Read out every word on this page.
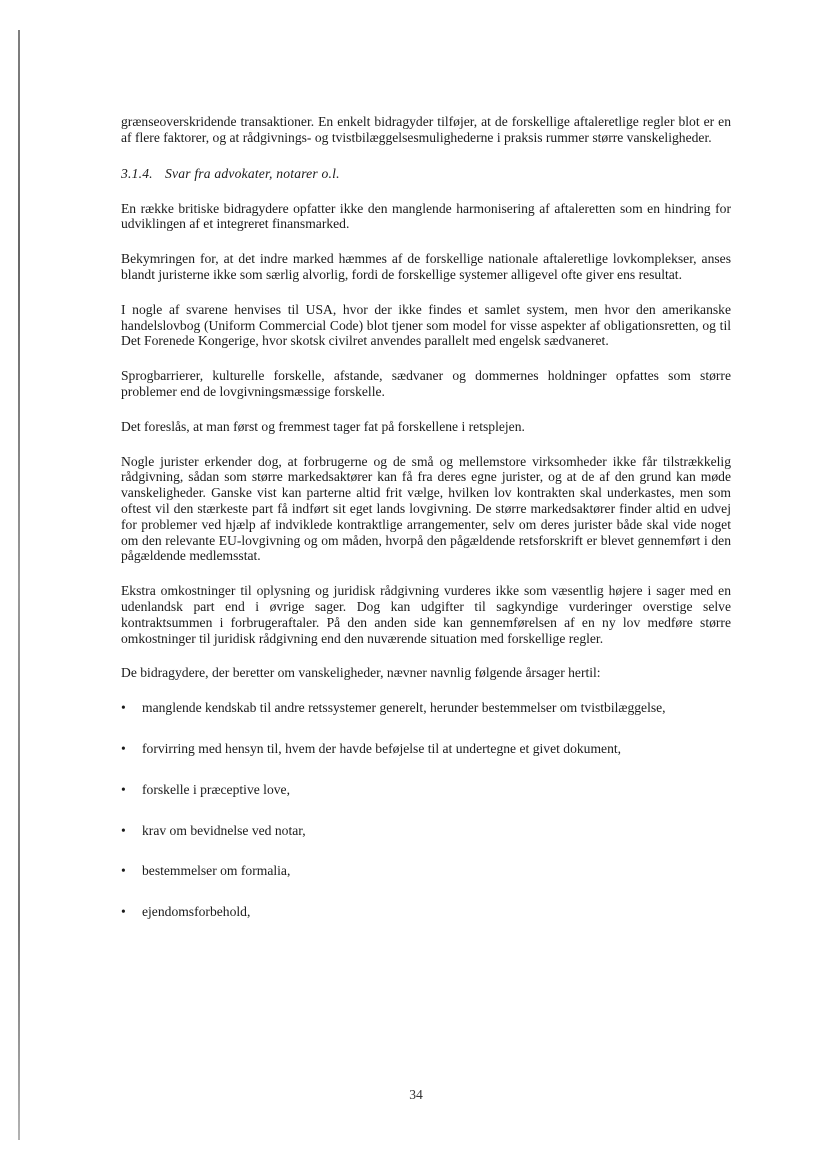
grænseoverskridende transaktioner. En enkelt bidragyder tilføjer, at de forskellige aftaleretlige regler blot er en af flere faktorer, og at rådgivnings- og tvistbilæggelsesmulighederne i praksis rummer større vanskeligheder.

3.1.4. Svar fra advokater, notarer o.l.

En række britiske bidragydere opfatter ikke den manglende harmonisering af aftaleretten som en hindring for udviklingen af et integreret finansmarked.

Bekymringen for, at det indre marked hæmmes af de forskellige nationale aftaleretlige lovkomplekser, anses blandt juristerne ikke som særlig alvorlig, fordi de forskellige systemer alligevel ofte giver ens resultat.

I nogle af svarene henvises til USA, hvor der ikke findes et samlet system, men hvor den amerikanske handelslovbog (Uniform Commercial Code) blot tjener som model for visse aspekter af obligationsretten, og til Det Forenede Kongerige, hvor skotsk civilret anvendes parallelt med engelsk sædvaneret.

Sprogbarrierer, kulturelle forskelle, afstande, sædvaner og dommernes holdninger opfattes som større problemer end de lovgivningsmæssige forskelle.

Det foreslås, at man først og fremmest tager fat på forskellene i retsplejen.

Nogle jurister erkender dog, at forbrugerne og de små og mellemstore virksomheder ikke får tilstrækkelig rådgivning, sådan som større markedsaktører kan få fra deres egne jurister, og at de af den grund kan møde vanskeligheder. Ganske vist kan parterne altid frit vælge, hvilken lov kontrakten skal underkastes, men som oftest vil den stærkeste part få indført sit eget lands lovgivning. De større markedsaktører finder altid en udvej for problemer ved hjælp af indviklede kontraktlige arrangementer, selv om deres jurister både skal vide noget om den relevante EU-lovgivning og om måden, hvorpå den pågældende retsforskrift er blevet gennemført i den pågældende medlemsstat.

Ekstra omkostninger til oplysning og juridisk rådgivning vurderes ikke som væsentlig højere i sager med en udenlandsk part end i øvrige sager. Dog kan udgifter til sagkyndige vurderinger overstige selve kontraktsummen i forbrugeraftaler. På den anden side kan gennemførelsen af en ny lov medføre større omkostninger til juridisk rådgivning end den nuværende situation med forskellige regler.

De bidragydere, der beretter om vanskeligheder, nævner navnlig følgende årsager hertil:

• manglende kendskab til andre retssystemer generelt, herunder bestemmelser om tvistbilæggelse,
• forvirring med hensyn til, hvem der havde beføjelse til at undertegne et givet dokument,
• forskelle i præceptive love,
• krav om bevidnelse ved notar,
• bestemmelser om formalia,
• ejendomsforbehold,
34
